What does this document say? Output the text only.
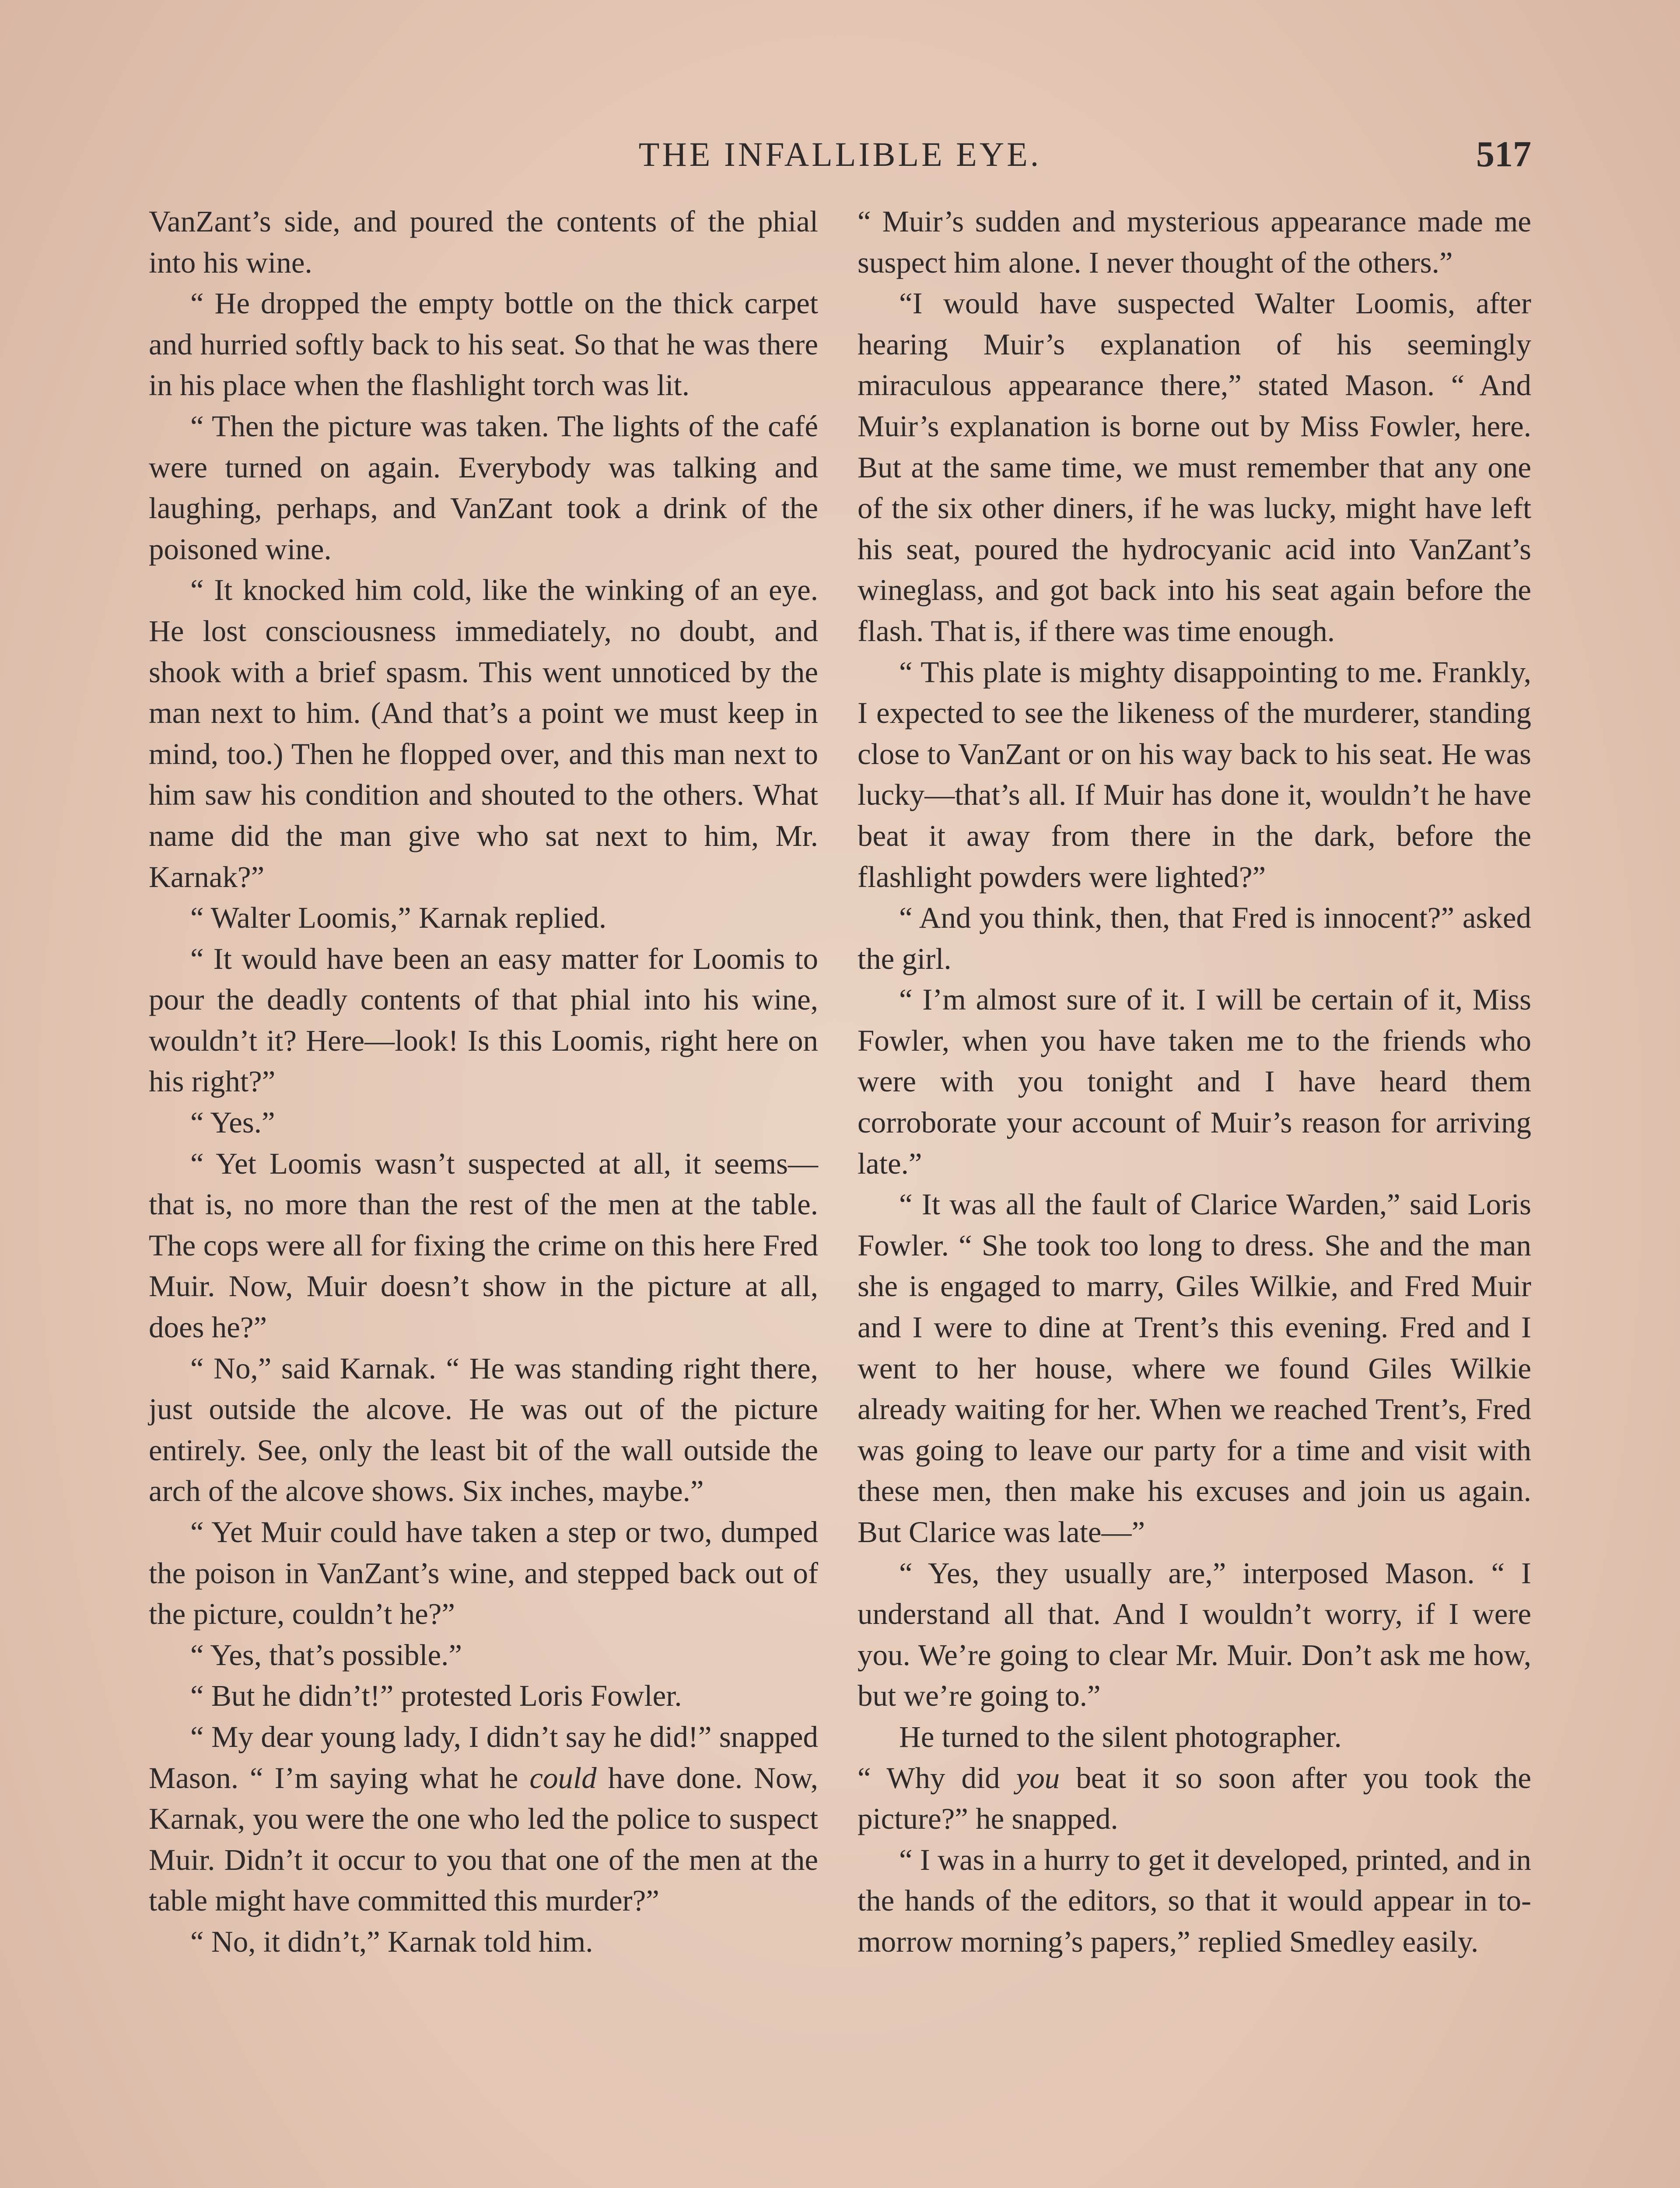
THE INFALLIBLE EYE.	517

VanZant’s side, and poured the contents of the phial into his wine.

“ He dropped the empty bottle on the thick carpet and hurried softly back to his seat. So that he was there in his place when the flashlight torch was lit.

“ Then the picture was taken. The lights of the café were turned on again. Everybody was talking and laughing, perhaps, and VanZant took a drink of the poisoned wine.

“ It knocked him cold, like the winking of an eye. He lost consciousness immediately, no doubt, and shook with a brief spasm. This went unnoticed by the man next to him. (And that’s a point we must keep in mind, too.) Then he flopped over, and this man next to him saw his condition and shouted to the others. What name did the man give who sat next to him, Mr. Karnak?”

“ Walter Loomis,” Karnak replied.

“ It would have been an easy matter for Loomis to pour the deadly contents of that phial into his wine, wouldn’t it? Here—look! Is this Loomis, right here on his right?”

“ Yes.”

“ Yet Loomis wasn’t suspected at all, it seems—that is, no more than the rest of the men at the table. The cops were all for fixing the crime on this here Fred Muir. Now, Muir doesn’t show in the picture at all, does he?”

“ No,” said Karnak. “ He was standing right there, just outside the alcove. He was out of the picture entirely. See, only the least bit of the wall outside the arch of the alcove shows. Six inches, maybe.”

“ Yet Muir could have taken a step or two, dumped the poison in VanZant’s wine, and stepped back out of the picture, couldn’t he?”

“ Yes, that’s possible.”

“ But he didn’t!” protested Loris Fowler.

“ My dear young lady, I didn’t say he did!” snapped Mason. “ I’m saying what he could have done. Now, Karnak, you were the one who led the police to suspect Muir. Didn’t it occur to you that one of the men at the table might have committed this murder?”

“ No, it didn’t,” Karnak told him.

“ Muir’s sudden and mysterious appearance made me suspect him alone. I never thought of the others.”

“I would have suspected Walter Loomis, after hearing Muir’s explanation of his seemingly miraculous appearance there,” stated Mason. “ And Muir’s explanation is borne out by Miss Fowler, here. But at the same time, we must remember that any one of the six other diners, if he was lucky, might have left his seat, poured the hydrocyanic acid into VanZant’s wineglass, and got back into his seat again before the flash. That is, if there was time enough.

“ This plate is mighty disappointing to me. Frankly, I expected to see the likeness of the murderer, standing close to VanZant or on his way back to his seat. He was lucky—that’s all. If Muir has done it, wouldn’t he have beat it away from there in the dark, before the flashlight powders were lighted?”

“ And you think, then, that Fred is innocent?” asked the girl.

“ I’m almost sure of it. I will be certain of it, Miss Fowler, when you have taken me to the friends who were with you tonight and I have heard them corroborate your account of Muir’s reason for arriving late.”

“ It was all the fault of Clarice Warden,” said Loris Fowler. “ She took too long to dress. She and the man she is engaged to marry, Giles Wilkie, and Fred Muir and I were to dine at Trent’s this evening. Fred and I went to her house, where we found Giles Wilkie already waiting for her. When we reached Trent’s, Fred was going to leave our party for a time and visit with these men, then make his excuses and join us again. But Clarice was late—”

“ Yes, they usually are,” interposed Mason. “ I understand all that. And I wouldn’t worry, if I were you. We’re going to clear Mr. Muir. Don’t ask me how, but we’re going to.”

He turned to the silent photographer.

“ Why did you beat it so soon after you took the picture?” he snapped.

“ I was in a hurry to get it developed, printed, and in the hands of the editors, so that it would appear in to-morrow morning’s papers,” replied Smedley easily.
